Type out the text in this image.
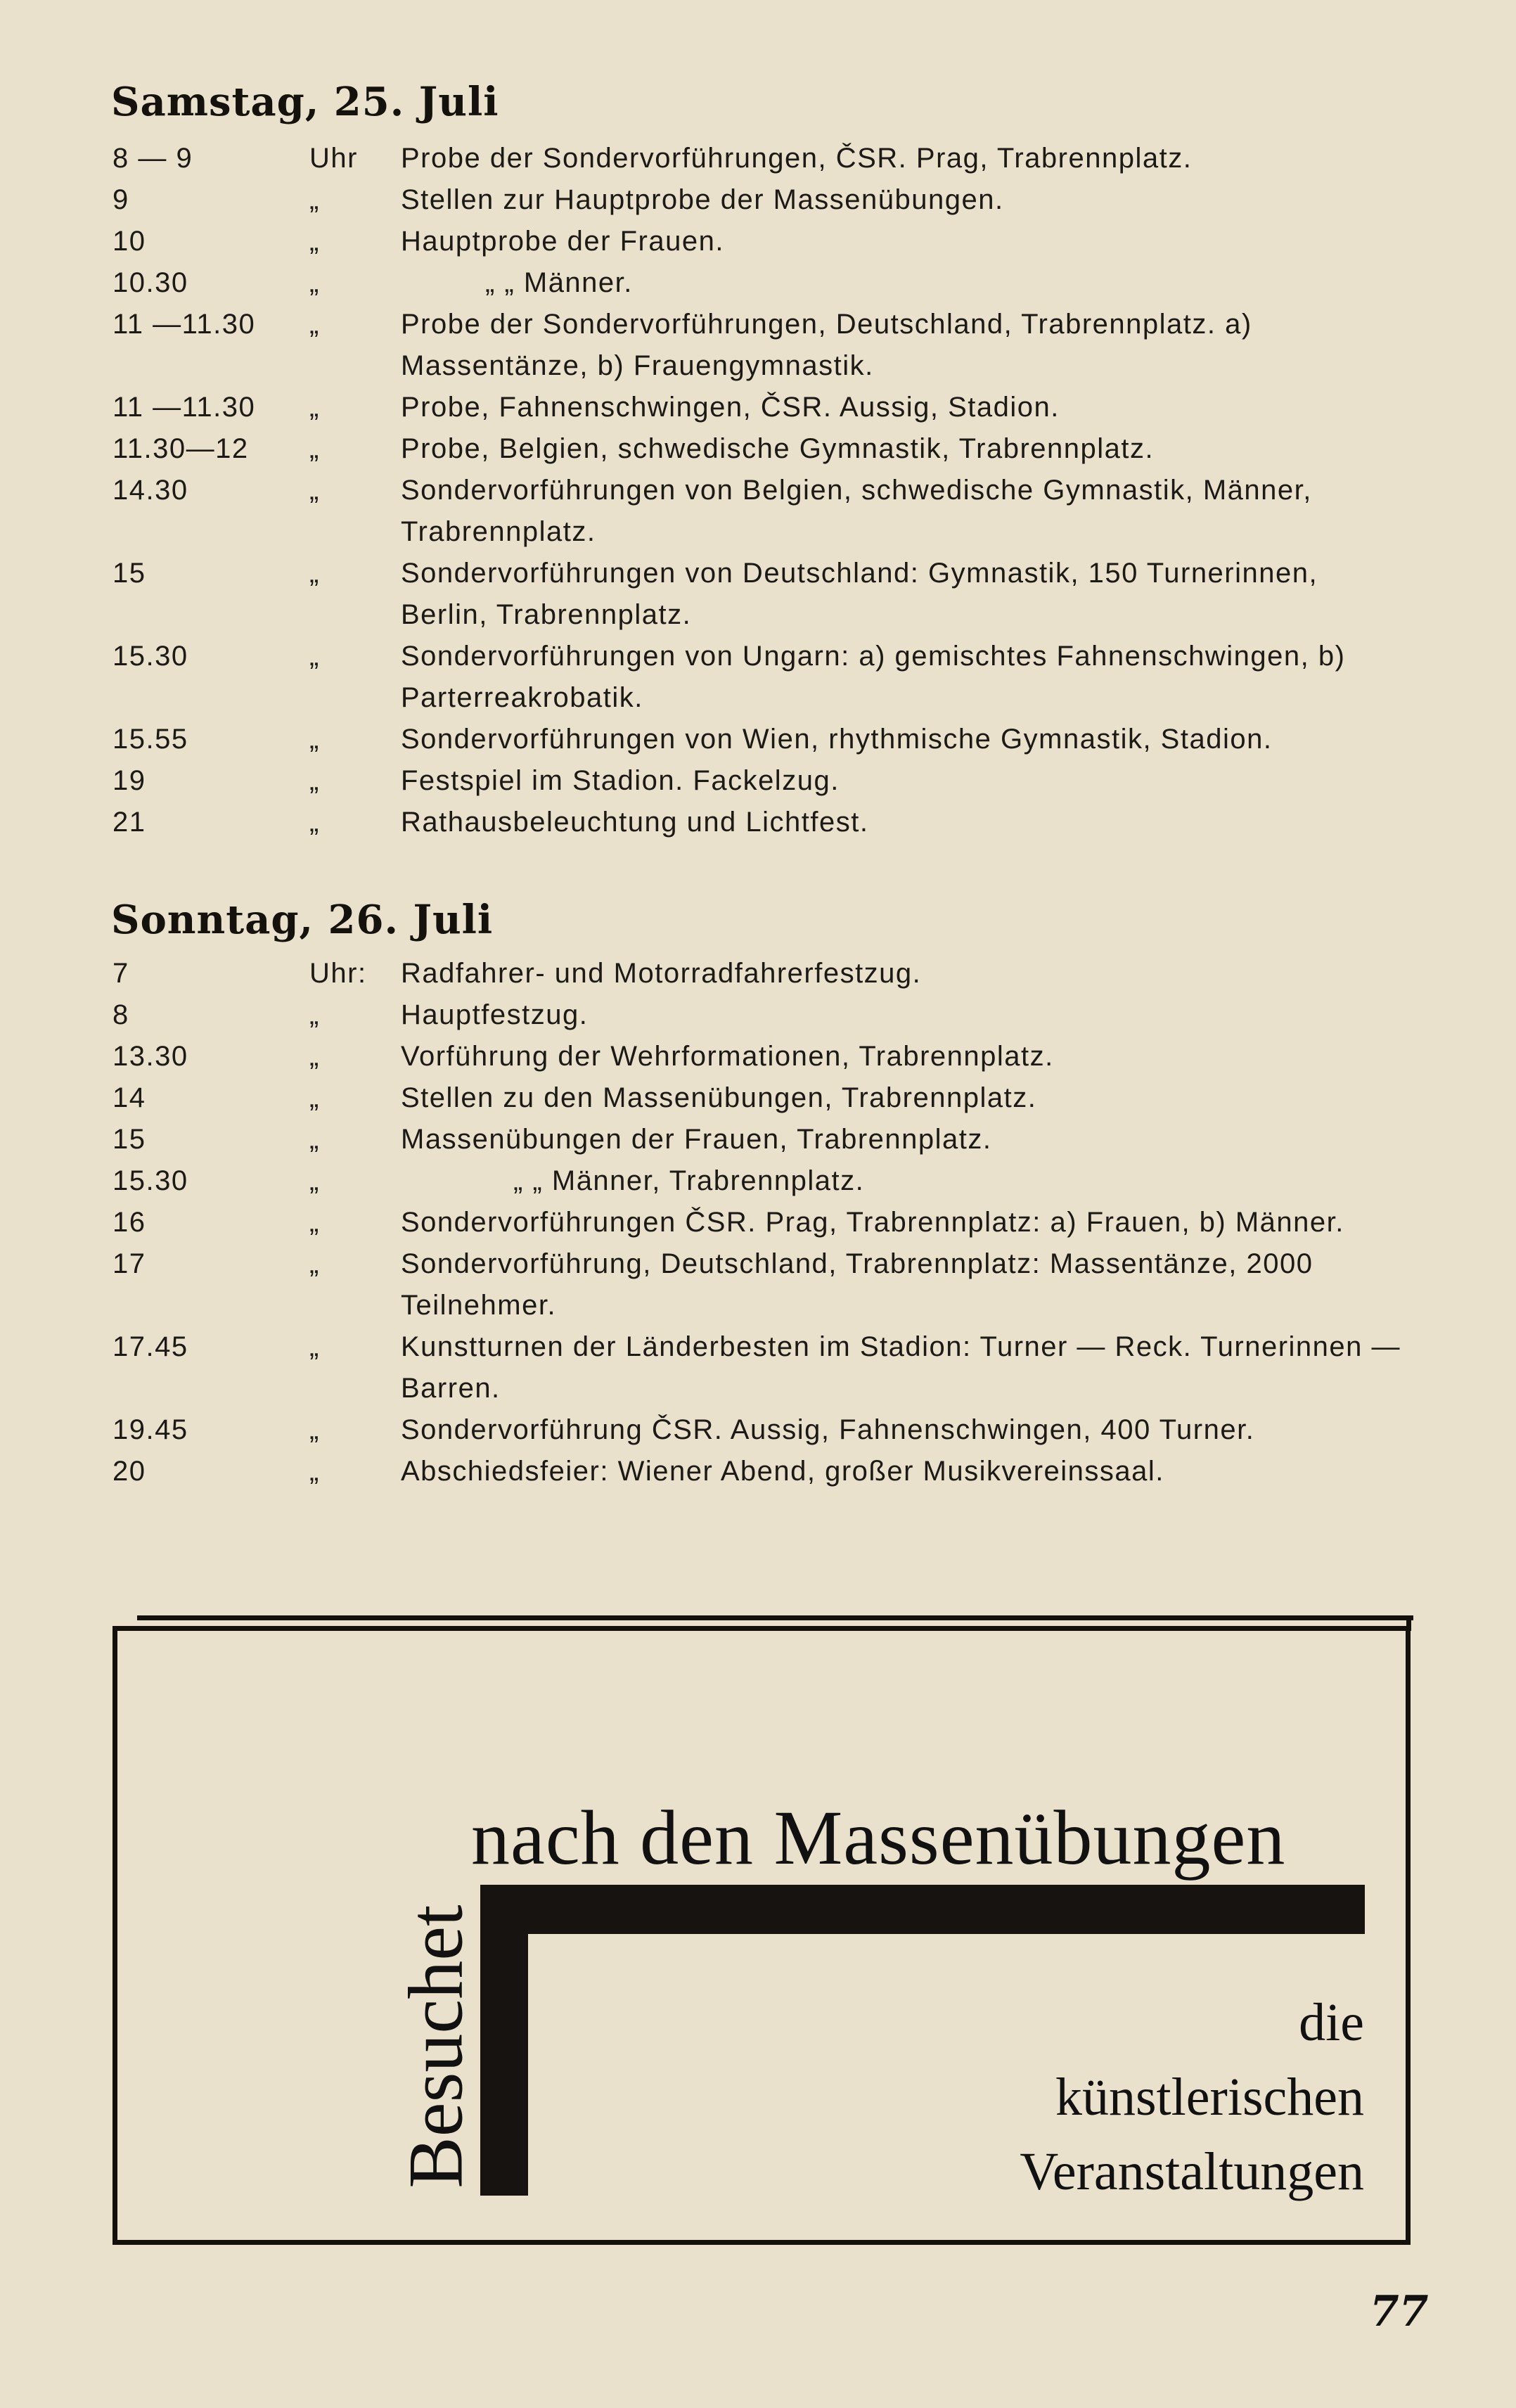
Samstag, 25. Juli
8 — 9	Uhr	Probe der Sondervorführungen, ČSR. Prag, Trabrennplatz.
9	„	Stellen zur Hauptprobe der Massenübungen.
10	„	Hauptprobe der Frauen.
10.30	„	„ „ Männer.
11 —11.30 „	Probe der Sondervorführungen, Deutschland, Trabrennplatz. a) Massentänze, b) Frauengymnastik.
11 —11.30 „	Probe, Fahnenschwingen, ČSR. Aussig, Stadion.
11.30—12 „	Probe, Belgien, schwedische Gymnastik, Trabrennplatz.
14.30	„	Sondervorführungen von Belgien, schwedische Gymnastik, Männer, Trabrennplatz.
15	„	Sondervorführungen von Deutschland: Gymnastik, 150 Turnerinnen, Berlin, Trabrennplatz.
15.30	„	Sondervorführungen von Ungarn: a) gemischtes Fahnenschwingen, b) Parterreakrobatik.
15.55	„	Sondervorführungen von Wien, rhythmische Gymnastik, Stadion.
19	„	Festspiel im Stadion. Fackelzug.
21	„	Rathausbeleuchtung und Lichtfest.
Sonntag, 26. Juli
7	Uhr:	Radfahrer- und Motorradfahrerfestzug.
8	„	Hauptfestzug.
13.30	„	Vorführung der Wehrformationen, Trabrennplatz.
14	„	Stellen zu den Massenübungen, Trabrennplatz.
15	„	Massenübungen der Frauen, Trabrennplatz.
15.30	„	„ „ Männer, Trabrennplatz.
16	„	Sondervorführungen ČSR. Prag, Trabrennplatz: a) Frauen, b) Männer.
17	„	Sondervorführung, Deutschland, Trabrennplatz: Massentänze, 2000 Teilnehmer.
17.45	„	Kunstturnen der Länderbesten im Stadion: Turner — Reck. Turnerinnen — Barren.
19.45	„	Sondervorführung ČSR. Aussig, Fahnenschwingen, 400 Turner.
20	„	Abschiedsfeier: Wiener Abend, großer Musikvereinssaal.
nach den Massenübungen
Besuchet	die
künstlerischen
Veranstaltungen
77
